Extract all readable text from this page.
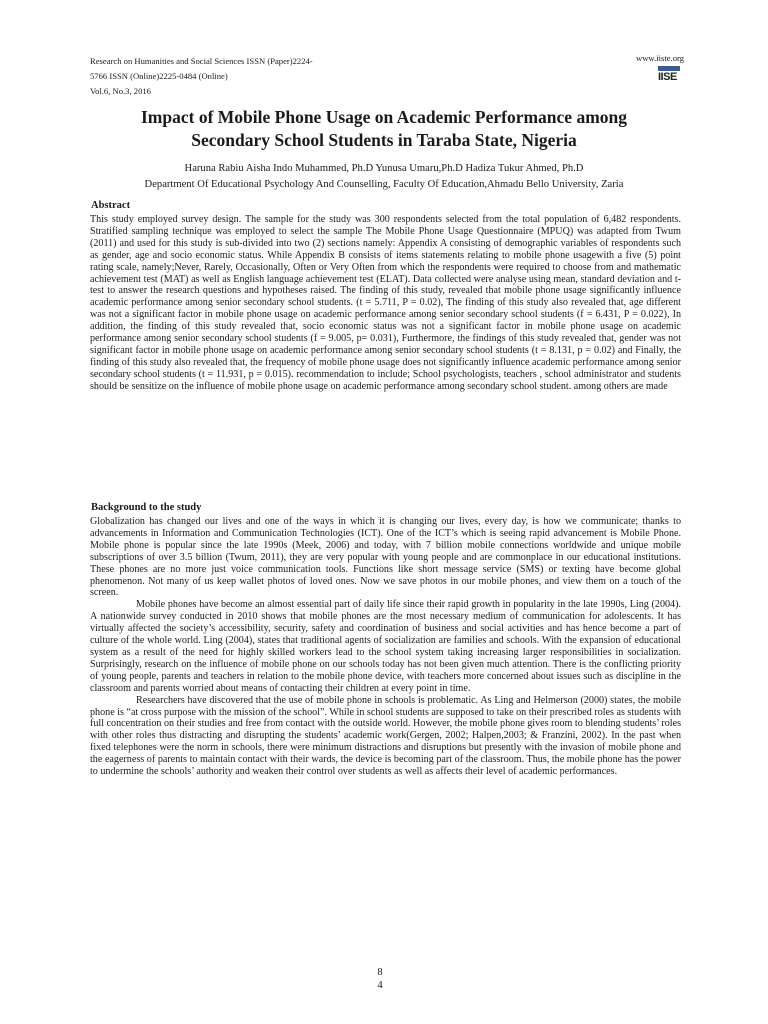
Research on Humanities and Social Sciences ISSN (Paper)2224-
5766 ISSN (Online)2225-0484 (Online)
Vol.6, No.3, 2016
www.iiste.org
IISE
Impact of Mobile Phone Usage on Academic Performance among
Secondary School Students in Taraba State, Nigeria
Haruna Rabiu Aisha Indo Muhammed, Ph.D Yunusa Umaru,Ph.D Hadiza Tukur Ahmed, Ph.D
Department Of Educational Psychology And Counselling, Faculty Of Education,Ahmadu Bello University, Zaria
Abstract

This study employed survey design. The sample for the study was 300 respondents selected from the total population of 6,482 respondents. Stratified sampling technique was employed to select the sample The Mobile Phone Usage Questionnaire (MPUQ) was adapted from Twum (2011) and used for this study is sub-divided into two (2) sections namely: Appendix A consisting of demographic variables of respondents such as gender, age and socio economic status. While Appendix B consists of items statements relating to mobile phone usagewith a five (5) point rating scale, namely;Never, Rarely, Occasionally, Often or Very Often from which the respondents were required to choose from and mathematic achievement test (MAT) as well as English language achievement test (ELAT). Data collected were analyse using mean, standard deviation and t-test to answer the research questions and hypotheses raised. The finding of this study, revealed that mobile phone usage significantly influence academic performance among senior secondary school students. (t = 5.711, P = 0.02), The finding of this study also revealed that, age different was not a significant factor in mobile phone usage on academic performance among senior secondary school students (f = 6.431, P = 0.022), In addition, the finding of this study revealed that, socio economic status was not a significant factor in mobile phone usage on academic performance among senior secondary school students (f = 9.005, p= 0.031), Furthermore, the findings of this study revealed that, gender was not significant factor in mobile phone usage on academic performance among senior secondary school students (t = 8.131, p = 0.02) and Finally, the finding of this study also revealed that, the frequency of mobile phone usage does not significantly influence academic performance among senior secondary school students (t = 11.931, p = 0.015). recommendation to include; School psychologists, teachers , school administrator and students should be sensitize on the influence of mobile phone usage on academic performance among secondary school student. among others are made

Background to the study

Globalization has changed our lives and one of the ways in which it is changing our lives, every day, is how we communicate; thanks to advancements in Information and Communication Technologies (ICT). One of the ICT’s which is seeing rapid advancement is Mobile Phone. Mobile phone is popular since the late 1990s (Meek, 2006) and today, with 7 billion mobile connections worldwide and unique mobile subscriptions of over 3.5 billion (Twum, 2011), they are very popular with young people and are commonplace in our educational institutions. These phones are no more just voice communication tools. Functions like short message service (SMS) or texting have become global phenomenon. Not many of us keep wallet photos of loved ones. Now we save photos in our mobile phones, and view them on a touch of the screen.

Mobile phones have become an almost essential part of daily life since their rapid growth in popularity in the late 1990s, Ling (2004). A nationwide survey conducted in 2010 shows that mobile phones are the most necessary medium of communication for adolescents. It has virtually affected the society’s accessibility, security, safety and coordination of business and social activities and has hence become a part of culture of the whole world. Ling (2004), states that traditional agents of socialization are families and schools. With the expansion of educational system as a result of the need for highly skilled workers lead to the school system taking increasing larger responsibilities in socialization. Surprisingly, research on the influence of mobile phone on our schools today has not been given much attention. There is the conflicting priority of young people, parents and teachers in relation to the mobile phone device, with teachers more concerned about issues such as discipline in the classroom and parents worried about means of contacting their children at every point in time.

Researchers have discovered that the use of mobile phone in schools is problematic. As Ling and Helmerson (2000) states, the mobile phone is “at cross purpose with the mission of the school”. While in school students are supposed to take on their prescribed roles as students with full concentration on their studies and free from contact with the outside world. However, the mobile phone gives room to blending students’ roles with other roles thus distracting and disrupting the students’ academic work(Gergen, 2002; Halpen,2003; & Franzini, 2002). In the past when fixed telephones were the norm in schools, there were minimum distractions and disruptions but presently with the invasion of mobile phone and the eagerness of parents to maintain contact with their wards, the device is becoming part of the classroom. Thus, the mobile phone has the power to undermine the schools’ authority and weaken their control over students as well as affects their level of academic performances.

8
4
